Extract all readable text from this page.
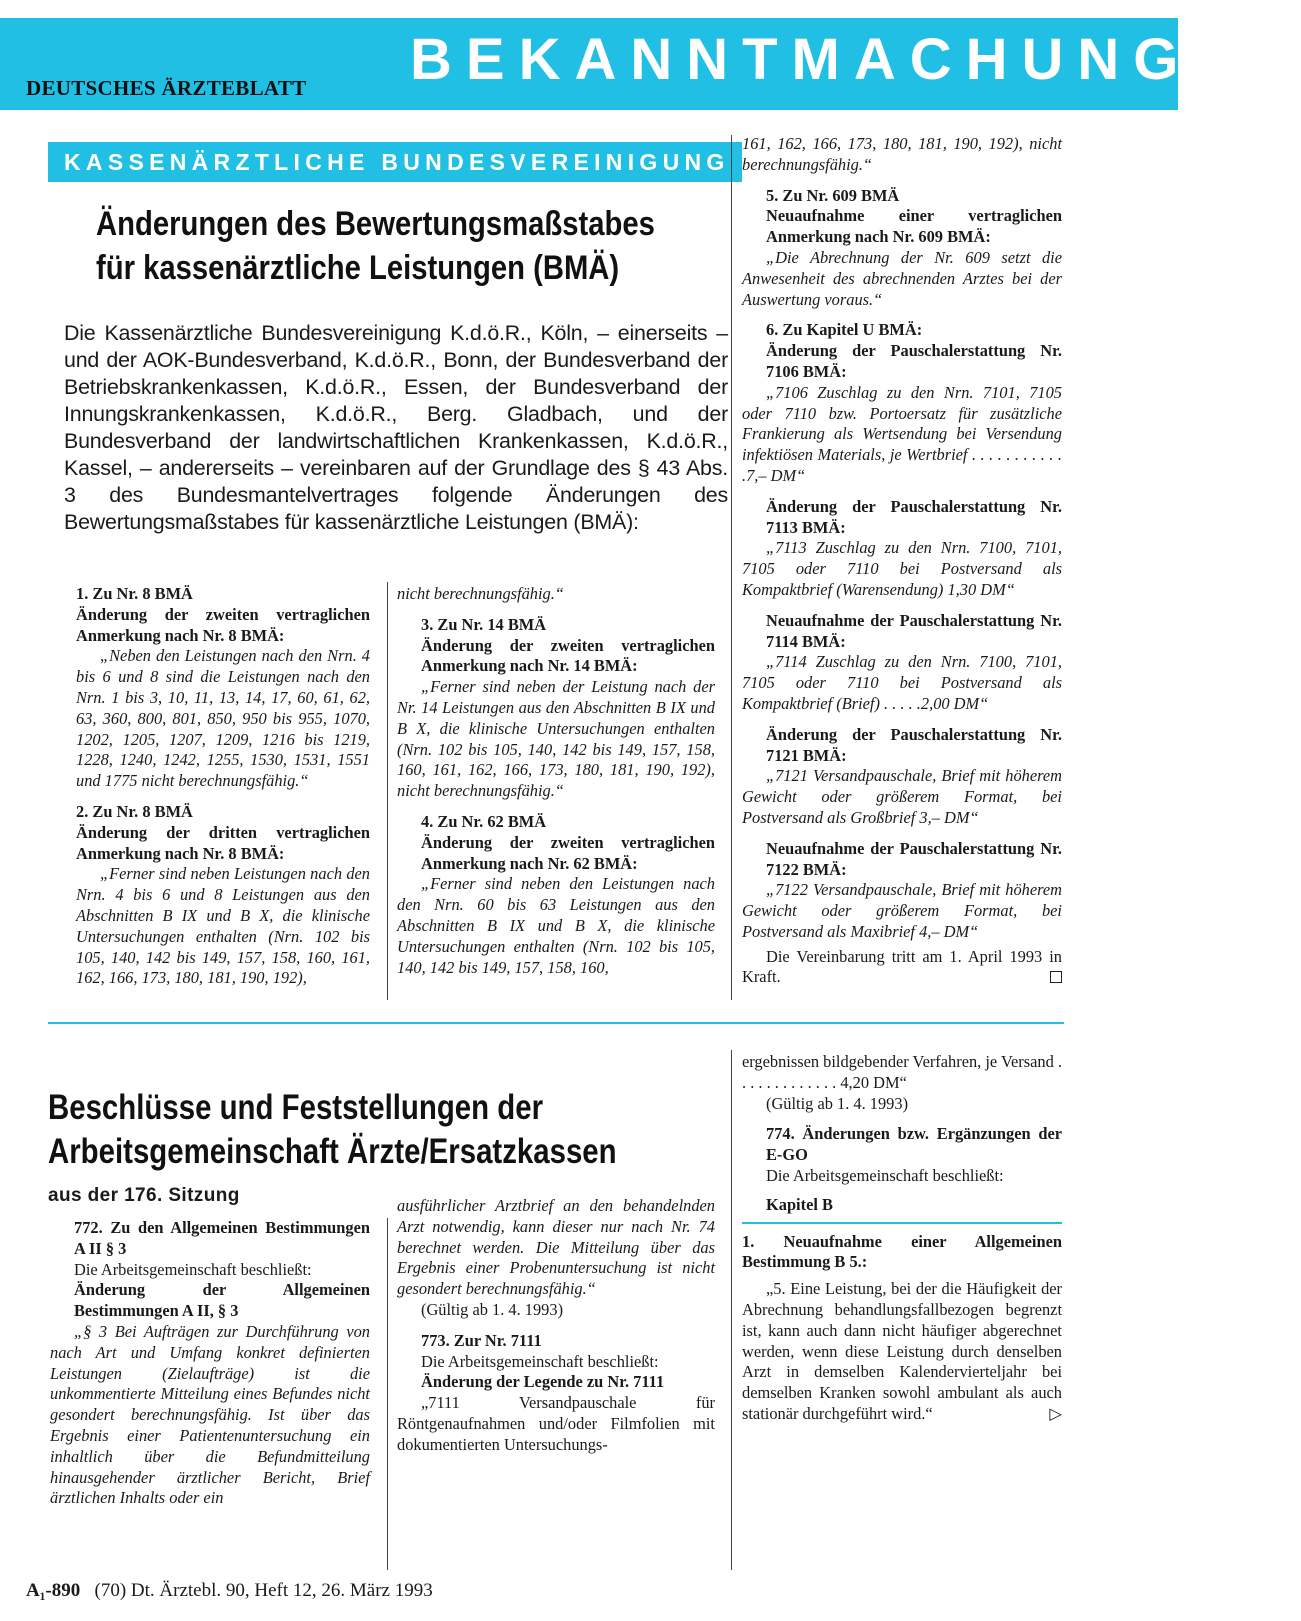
DEUTSCHES ÄRZTEBLATT BEKANNTMACHUNGEN
KASSENÄRZTLICHE BUNDESVEREINIGUNG
Änderungen des Bewertungsmaßstabes
für kassenärztliche Leistungen (BMÄ)
Die Kassenärztliche Bundesvereinigung K.d.ö.R., Köln, – einerseits – und der AOK-Bundesverband, K.d.ö.R., Bonn, der Bundesverband der Betriebskrankenkassen, K.d.ö.R., Essen, der Bundesverband der Innungskrankenkassen, K.d.ö.R., Berg. Gladbach, und der Bundesverband der landwirtschaftlichen Krankenkassen, K.d.ö.R., Kassel, – andererseits – vereinbaren auf der Grundlage des § 43 Abs. 3 des Bundesmantelvertrages folgende Änderungen des Bewertungsmaßstabes für kassenärztliche Leistungen (BMÄ):

1. Zu Nr. 8 BMÄ

Änderung der zweiten vertraglichen Anmerkung nach Nr. 8 BMÄ:

„Neben den Leistungen nach den Nrn. 4 bis 6 und 8 sind die Leistungen nach den Nrn. 1 bis 3, 10, 11, 13, 14, 17, 60, 61, 62, 63, 360, 800, 801, 850, 950 bis 955, 1070, 1202, 1205, 1207, 1209, 1216 bis 1219, 1228, 1240, 1242, 1255, 1530, 1531, 1551 und 1775 nicht berechnungsfähig.“

2. Zu Nr. 8 BMÄ

Änderung der dritten vertraglichen Anmerkung nach Nr. 8 BMÄ:

„Ferner sind neben Leistungen nach den Nrn. 4 bis 6 und 8 Leistungen aus den Abschnitten B IX und B X, die klinische Untersuchungen enthalten (Nrn. 102 bis 105, 140, 142 bis 149, 157, 158, 160, 161, 162, 166, 173, 180, 181, 190, 192),

nicht berechnungsfähig.“

3. Zu Nr. 14 BMÄ

Änderung der zweiten vertraglichen Anmerkung nach Nr. 14 BMÄ:

„Ferner sind neben der Leistung nach der Nr. 14 Leistungen aus den Abschnitten B IX und B X, die klinische Untersuchungen enthalten (Nrn. 102 bis 105, 140, 142 bis 149, 157, 158, 160, 161, 162, 166, 173, 180, 181, 190, 192), nicht berechnungsfähig.“

4. Zu Nr. 62 BMÄ

Änderung der zweiten vertraglichen Anmerkung nach Nr. 62 BMÄ:

„Ferner sind neben den Leistungen nach den Nrn. 60 bis 63 Leistungen aus den Abschnitten B IX und B X, die klinische Untersuchungen enthalten (Nrn. 102 bis 105, 140, 142 bis 149, 157, 158, 160,

161, 162, 166, 173, 180, 181, 190, 192), nicht berechnungsfähig.“

5. Zu Nr. 609 BMÄ

Neuaufnahme einer vertraglichen Anmerkung nach Nr. 609 BMÄ:

„Die Abrechnung der Nr. 609 setzt die Anwesenheit des abrechnenden Arztes bei der Auswertung voraus.“

6. Zu Kapitel U BMÄ:

Änderung der Pauschalerstattung Nr. 7106 BMÄ:

„7106 Zuschlag zu den Nrn. 7101, 7105 oder 7110 bzw. Portoersatz für zusätzliche Frankierung als Wertsendung bei Versendung infektiösen Materials, je Wertbrief . . . . . . . . . . . .7,– DM“

Änderung der Pauschalerstattung Nr. 7113 BMÄ:

„7113 Zuschlag zu den Nrn. 7100, 7101, 7105 oder 7110 bei Postversand als Kompaktbrief (Warensendung) 1,30 DM“

Neuaufnahme der Pauschalerstattung Nr. 7114 BMÄ:

„7114 Zuschlag zu den Nrn. 7100, 7101, 7105 oder 7110 bei Postversand als Kompaktbrief (Brief) . . . . .2,00 DM“

Änderung der Pauschalerstattung Nr. 7121 BMÄ:

„7121 Versandpauschale, Brief mit höherem Gewicht oder größerem Format, bei Postversand als Großbrief 3,– DM“

Neuaufnahme der Pauschalerstattung Nr. 7122 BMÄ:

„7122 Versandpauschale, Brief mit höherem Gewicht oder größerem Format, bei Postversand als Maxibrief 4,– DM“

Die Vereinbarung tritt am 1. April 1993 in Kraft.

Beschlüsse und Feststellungen der
Arbeitsgemeinschaft Ärzte/Ersatzkassen
aus der 176. Sitzung

772. Zu den Allgemeinen Bestimmungen A II § 3

Die Arbeitsgemeinschaft beschließt:

Änderung der Allgemeinen Bestimmungen A II, § 3

„§ 3 Bei Aufträgen zur Durchführung von nach Art und Umfang konkret definierten Leistungen (Zielaufträge) ist die unkommentierte Mitteilung eines Befundes nicht gesondert berechnungsfähig. Ist über das Ergebnis einer Patientenuntersuchung ein inhaltlich über die Befundmitteilung hinausgehender ärztlicher Bericht, Brief ärztlichen Inhalts oder ein

ausführlicher Arztbrief an den behandelnden Arzt notwendig, kann dieser nur nach Nr. 74 berechnet werden. Die Mitteilung über das Ergebnis einer Probenuntersuchung ist nicht gesondert berechnungsfähig.“

(Gültig ab 1. 4. 1993)

773. Zur Nr. 7111

Die Arbeitsgemeinschaft beschließt:

Änderung der Legende zu Nr. 7111

„7111 Versandpauschale für Röntgenaufnahmen und/oder Filmfolien mit dokumentierten Untersuchungs-

ergebnissen bildgebender Verfahren, je Versand . . . . . . . . . . . . . 4,20 DM“

(Gültig ab 1. 4. 1993)

774. Änderungen bzw. Ergänzungen der E-GO

Die Arbeitsgemeinschaft beschließt:

Kapitel B

1. Neuaufnahme einer Allgemeinen Bestimmung B 5.:

„5. Eine Leistung, bei der die Häufigkeit der Abrechnung behandlungsfallbezogen begrenzt ist, kann auch dann nicht häufiger abgerechnet werden, wenn diese Leistung durch denselben Arzt in demselben Kalendervierteljahr bei demselben Kranken sowohl ambulant als auch stationär durchgeführt wird.“	▷

A₁-890 (70) Dt. Ärztebl. 90, Heft 12, 26. März 1993
